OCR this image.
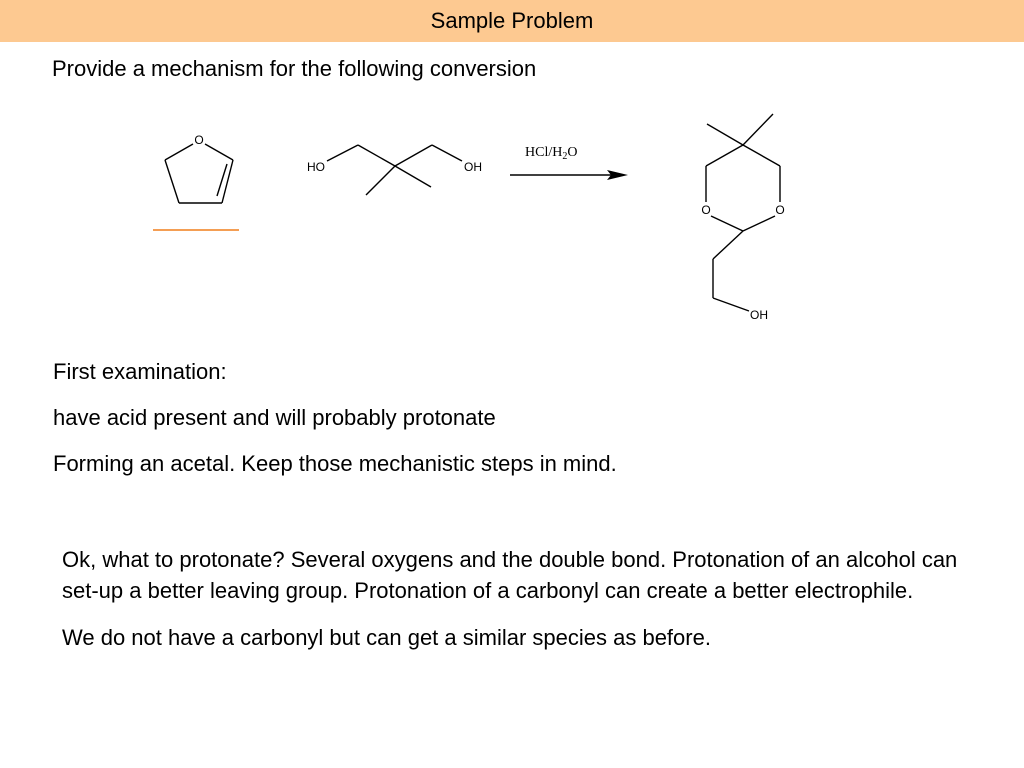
Sample Problem
Provide a mechanism for the following conversion
O
HO	OH
HCl/$H_2O$
O	O
OH

First examination:

have acid present and will probably protonate

Forming an acetal. Keep those mechanistic steps in mind.

Ok, what to protonate? Several oxygens and the double bond. Protonation of an alcohol can set-up a better leaving group. Protonation of a carbonyl can create a better electrophile.

We do not have a carbonyl but can get a similar species as before.
